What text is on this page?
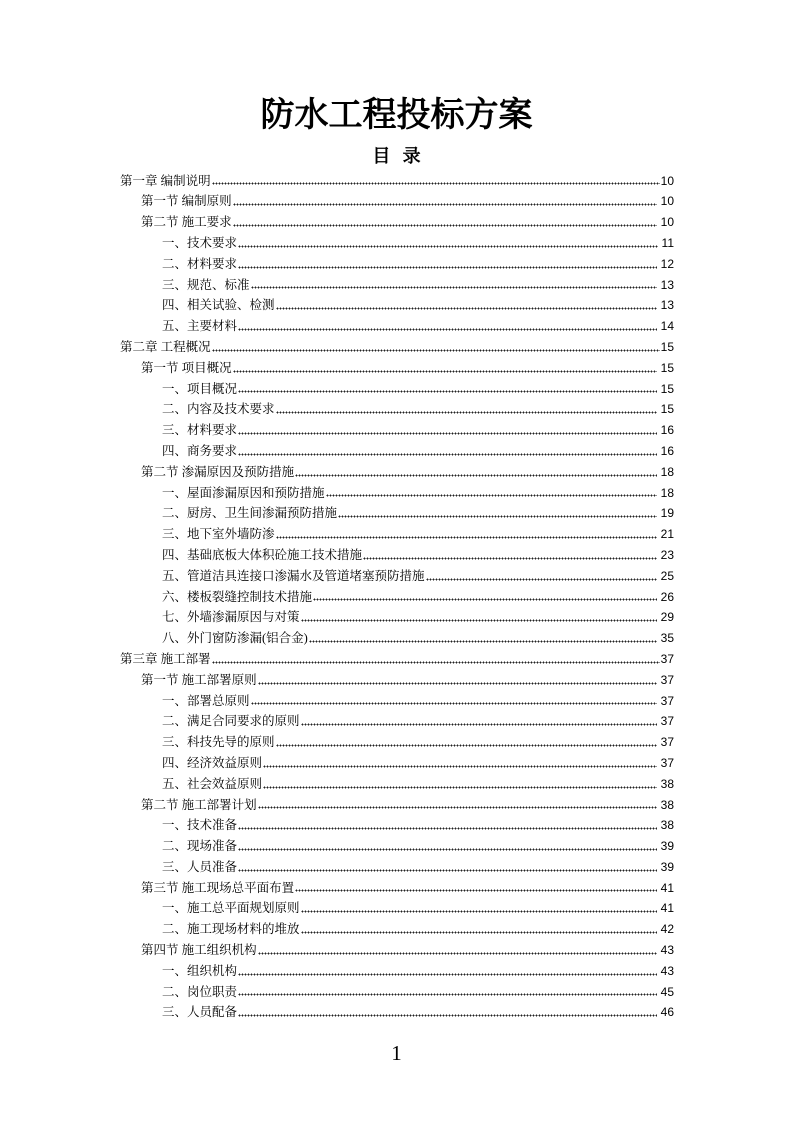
防水工程投标方案
目 录
第一章 编制说明	10
第一节 编制原则	10
第二节 施工要求	10
一、技术要求	11
二、材料要求	12
三、规范、标准	13
四、相关试验、检测	13
五、主要材料	14
第二章 工程概况	15
第一节 项目概况	15
一、项目概况	15
二、内容及技术要求	15
三、材料要求	16
四、商务要求	16
第二节 渗漏原因及预防措施	18
一、屋面渗漏原因和预防措施	18
二、厨房、卫生间渗漏预防措施	19
三、地下室外墙防渗	21
四、基础底板大体积砼施工技术措施	23
五、管道洁具连接口渗漏水及管道堵塞预防措施	25
六、楼板裂缝控制技术措施	26
七、外墙渗漏原因与对策	29
八、外门窗防渗漏(铝合金)	35
第三章 施工部署	37
第一节 施工部署原则	37
一、部署总原则	37
二、满足合同要求的原则	37
三、科技先导的原则	37
四、经济效益原则	37
五、社会效益原则	38
第二节 施工部署计划	38
一、技术准备	38
二、现场准备	39
三、人员准备	39
第三节 施工现场总平面布置	41
一、施工总平面规划原则	41
二、施工现场材料的堆放	42
第四节 施工组织机构	43
一、组织机构	43
二、岗位职责	45
三、人员配备	46
1
